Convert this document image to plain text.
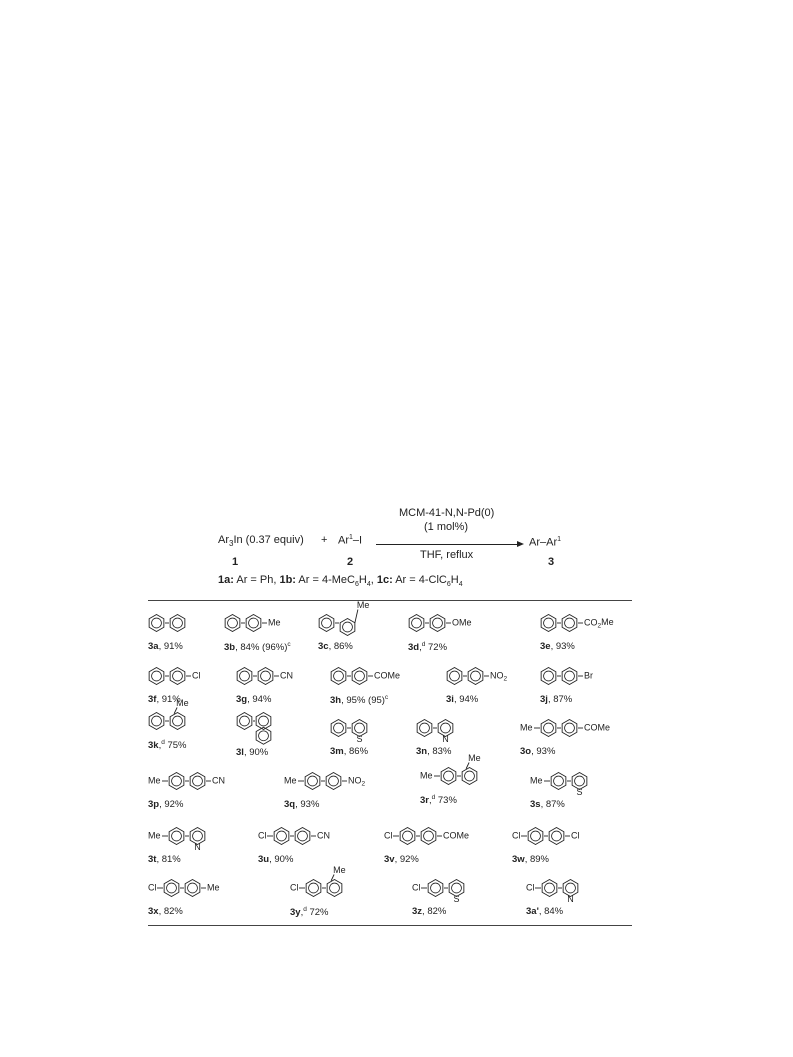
$Ar_3In$ (0.37 equiv) + $Ar^1-I$
MCM-41-N,N-Pd(0)
(1 mol%)
THF, reflux
Ar–Ar$^1$
1	2	3
1a: Ar = Ph, 1b: $Ar = 4-MeC_6H_4$, 1c: $Ar = 4-ClC_6H_4$
3a, 91%
Me
3b, 84% $(96\%)^c$
Me
3c, 86%
OMe
3d,$^d$ 72%
$CO_2Me$
3e, 93%
Cl
3f, 91%
CN
3g, 94%
COMe
3h, 95% $(95)^c$
$NO_2$
3i, 94%
Br
3j, 87%
Me
3k,$^d$ 75%
3l, 90%
S
3m, 86%
N
3n, 83%
Me	COMe
3o, 93%
Me	CN
3p, 92%
Me	$NO_2$
3q, 93%
Me
Me
3r,$^d$ 73%
Me
S
3s, 87%
Me
N
3t, 81%
Cl	CN
3u, 90%
Cl	COMe
3v, 92%
Cl	Cl
3w, 89%
Cl	Me
3x, 82%
Cl
Me
3y,$^d$ 72%
Cl
S
3z, 82%
Cl
N
3a', 84%
